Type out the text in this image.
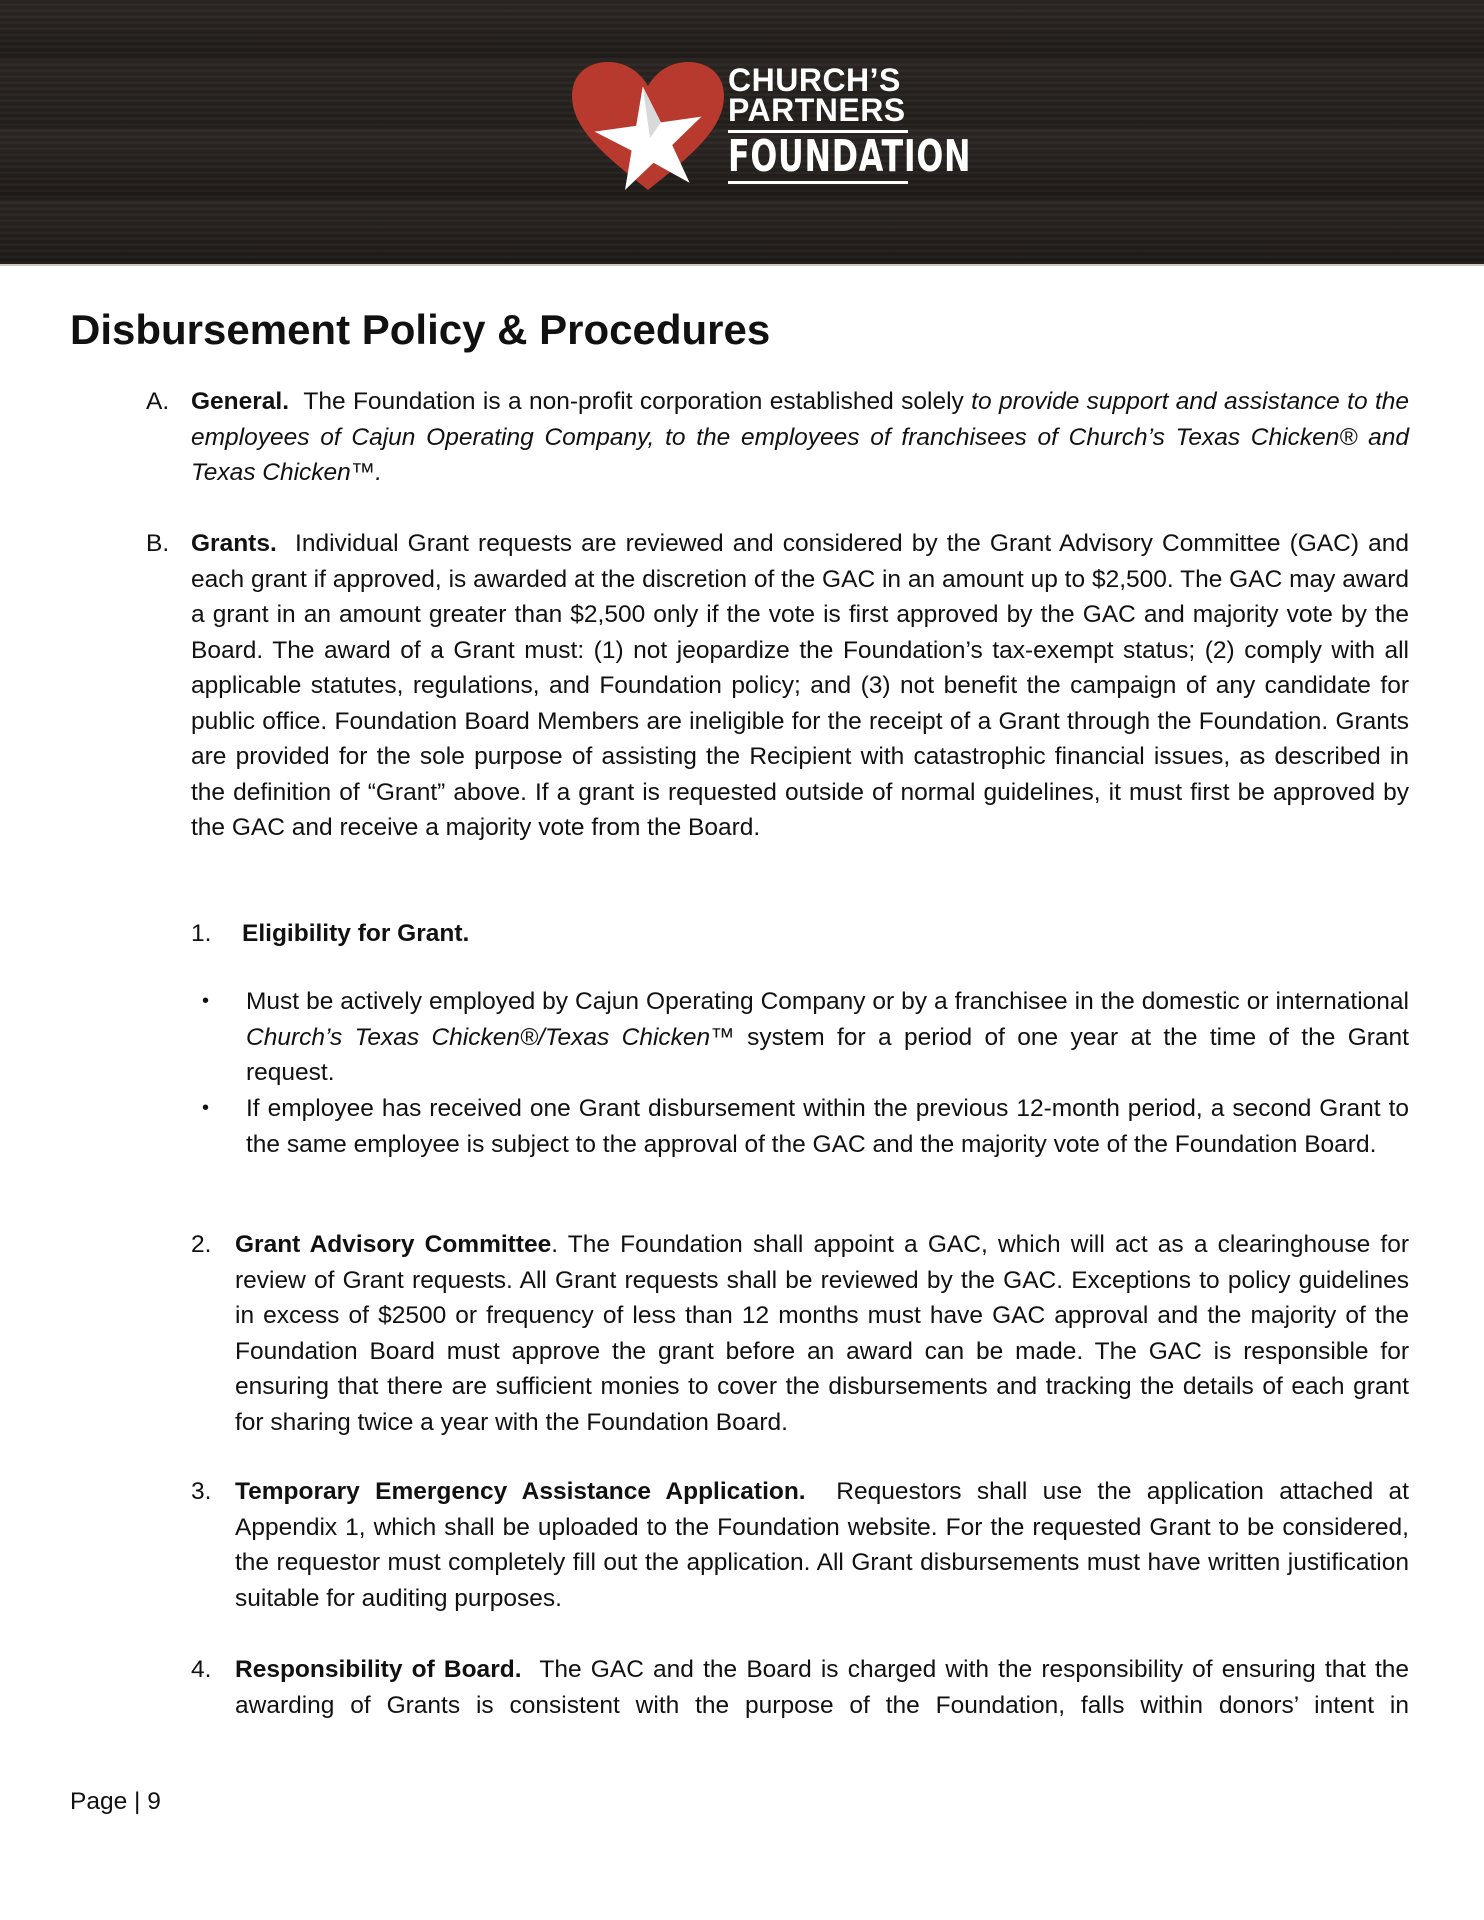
CHURCH’S
PARTNERS
FOUNDATION
Disbursement Policy & Procedures
A. General. The Foundation is a non-profit corporation established solely to provide support and assistance to the employees of Cajun Operating Company, to the employees of franchisees of Church’s Texas Chicken® and Texas Chicken™.

B. Grants. Individual Grant requests are reviewed and considered by the Grant Advisory Committee (GAC) and each grant if approved, is awarded at the discretion of the GAC in an amount up to $2,500. The GAC may award a grant in an amount greater than $2,500 only if the vote is first approved by the GAC and majority vote by the Board. The award of a Grant must: (1) not jeopardize the Foundation’s tax-exempt status; (2) comply with all applicable statutes, regulations, and Foundation policy; and (3) not benefit the campaign of any candidate for public office. Foundation Board Members are ineligible for the receipt of a Grant through the Foundation. Grants are provided for the sole purpose of assisting the Recipient with catastrophic financial issues, as described in the definition of “Grant” above. If a grant is requested outside of normal guidelines, it must first be approved by the GAC and receive a majority vote from the Board.

1. Eligibility for Grant.
• Must be actively employed by Cajun Operating Company or by a franchisee in the domestic or international Church’s Texas Chicken®/Texas Chicken™ system for a period of one year at the time of the Grant request.

• If employee has received one Grant disbursement within the previous 12-month period, a second Grant to the same employee is subject to the approval of the GAC and the majority vote of the Foundation Board.

2. Grant Advisory Committee. The Foundation shall appoint a GAC, which will act as a clearinghouse for review of Grant requests. All Grant requests shall be reviewed by the GAC. Exceptions to policy guidelines in excess of $2500 or frequency of less than 12 months must have GAC approval and the majority of the Foundation Board must approve the grant before an award can be made. The GAC is responsible for ensuring that there are sufficient monies to cover the disbursements and tracking the details of each grant for sharing twice a year with the Foundation Board.

3. Temporary Emergency Assistance Application. Requestors shall use the application attached at Appendix 1, which shall be uploaded to the Foundation website. For the requested Grant to be considered, the requestor must completely fill out the application. All Grant disbursements must have written justification suitable for auditing purposes.

4. Responsibility of Board. The GAC and the Board is charged with the responsibility of ensuring that the awarding of Grants is consistent with the purpose of the Foundation, falls within donors’ intent in

Page | 9
